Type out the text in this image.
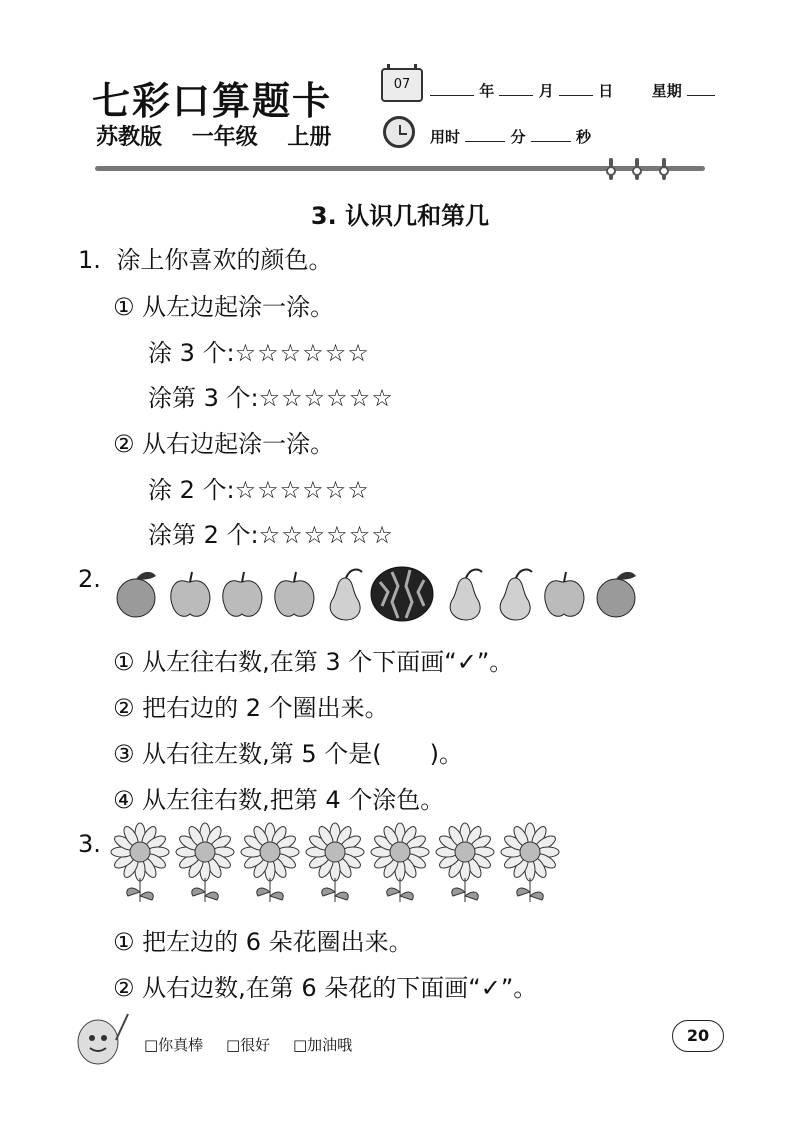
七彩口算题卡
苏教版 一年级 上册
07	年	月	日	星期
用时	分	秒
3. 认识几和第几
1. 涂上你喜欢的颜色。
① 从左边起涂一涂。
涂 3 个:☆☆☆☆☆☆
涂第 3 个:☆☆☆☆☆☆
② 从右边起涂一涂。
涂 2 个:☆☆☆☆☆☆
涂第 2 个:☆☆☆☆☆☆
2.
① 从左往右数,在第 3 个下面画“✓”。
② 把右边的 2 个圈出来。
③ 从右往左数,第 5 个是(　　)。
④ 从左往右数,把第 4 个涂色。
3.
① 把左边的 6 朵花圈出来。
② 从右边数,在第 6 朵花的下面画“✓”。
□你真棒 □很好 □加油哦	20
